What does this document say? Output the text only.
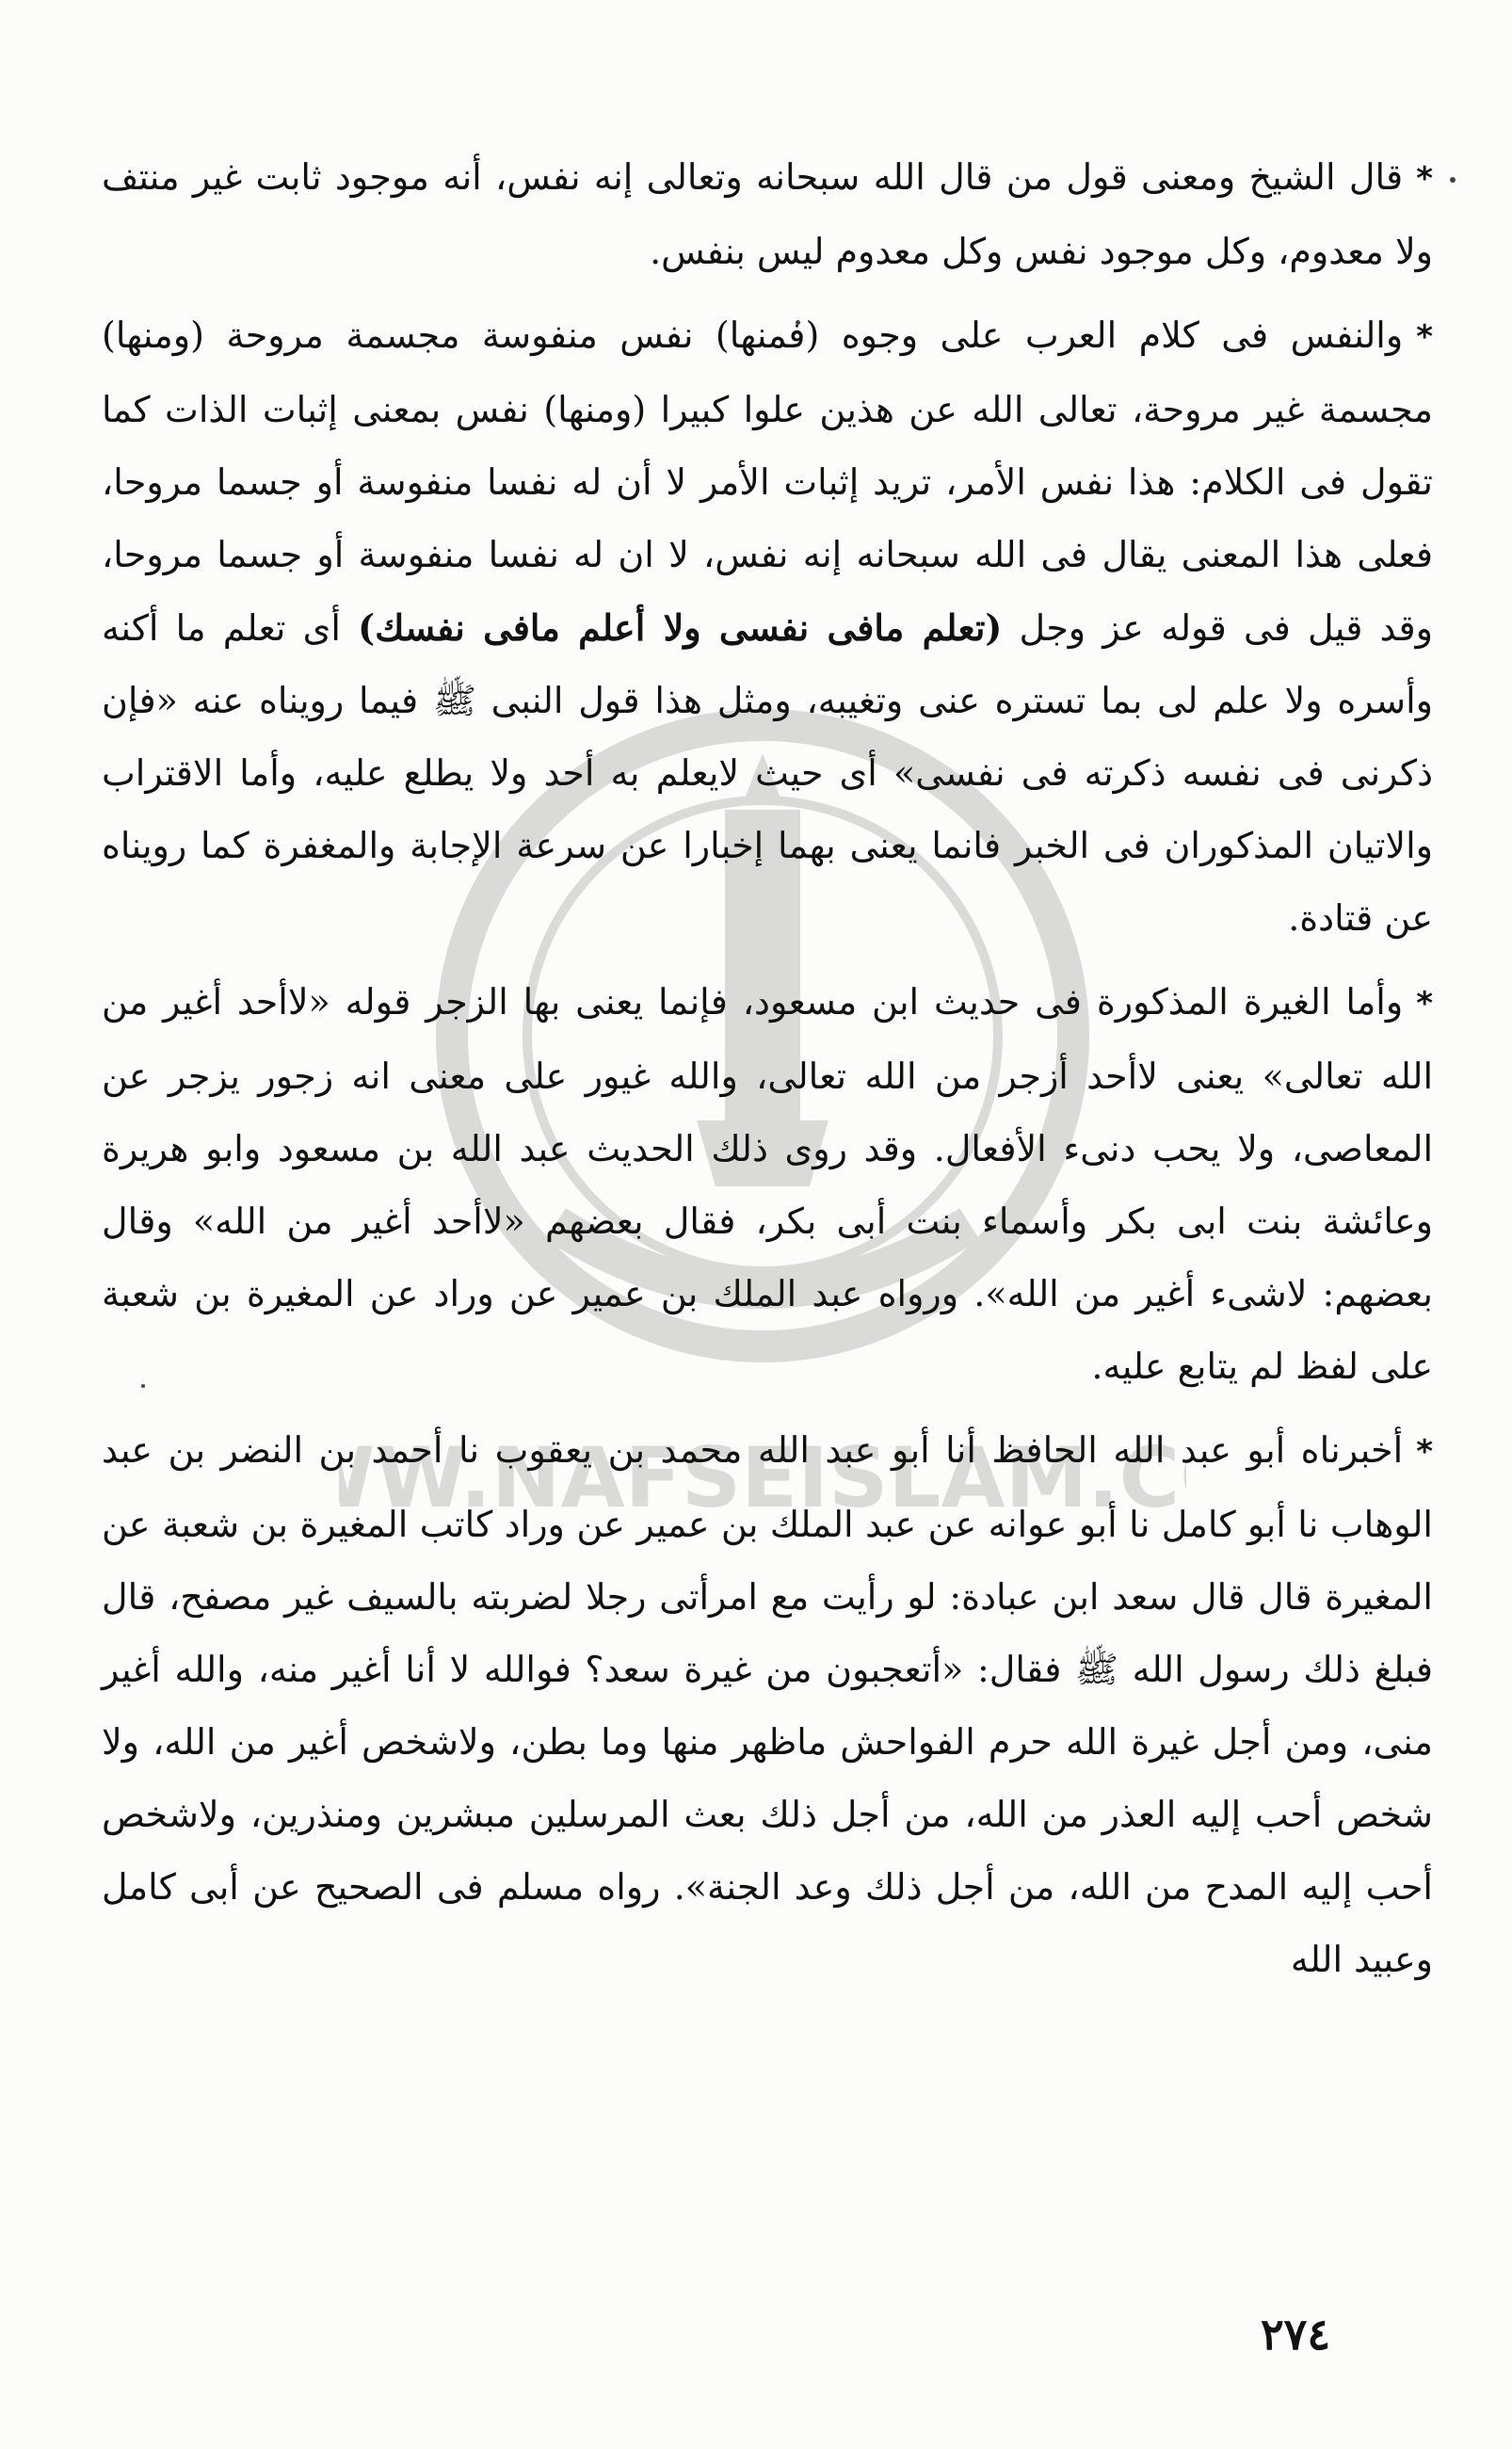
W.NAFSEISLAM.C

*قال الشيخ ومعنى قول من قال الله سبحانه وتعالى إنه نفس، أنه موجود ثابت غير منتف ولا معدوم، وكل موجود نفس وكل معدوم ليس بنفس.

*والنفس فى كلام العرب على وجوه (فمنها) نفس منفوسة مجسمة مروحة (ومنها) مجسمة غير مروحة، تعالى الله عن هذين علوا كبيرا (ومنها) نفس بمعنى إثبات الذات كما تقول فى الكلام: هذا نفس الأمر، تريد إثبات الأمر لا أن له نفسا منفوسة أو جسما مروحا، فعلى هذا المعنى يقال فى الله سبحانه إنه نفس، لا ان له نفسا منفوسة أو جسما مروحا، وقد قيل فى قوله عز وجل (تعلم مافى نفسى ولا أعلم مافى نفسك) أى تعلم ما أكنه وأسره ولا علم لى بما تستره عنى وتغيبه، ومثل هذا قول النبى ﷺ فيما رويناه عنه «فإن ذكرنى فى نفسه ذكرته فى نفسى» أى حيث لايعلم به أحد ولا يطلع عليه، وأما الاقتراب والاتيان المذكوران فى الخبر فانما يعنى بهما إخبارا عن سرعة الإجابة والمغفرة كما رويناه عن قتادة.

*وأما الغيرة المذكورة فى حديث ابن مسعود، فإنما يعنى بها الزجر قوله «لاأحد أغير من الله تعالى» يعنى لاأحد أزجر من الله تعالى، والله غيور على معنى انه زجور يزجر عن المعاصى، ولا يحب دنىء الأفعال. وقد روى ذلك الحديث عبد الله بن مسعود وابو هريرة وعائشة بنت ابى بكر وأسماء بنت أبى بكر، فقال بعضهم «لاأحد أغير من الله» وقال بعضهم: لاشىء أغير من الله». ورواه عبد الملك بن عمير عن وراد عن المغيرة بن شعبة على لفظ لم يتابع عليه.

*أخبرناه أبو عبد الله الحافظ أنا أبو عبد الله محمد بن يعقوب نا أحمد بن النضر بن عبد الوهاب نا أبو كامل نا أبو عوانه عن عبد الملك بن عمير عن وراد كاتب المغيرة بن شعبة عن المغيرة قال قال سعد ابن عبادة: لو رأيت مع امرأتى رجلا لضربته بالسيف غير مصفح، قال فبلغ ذلك رسول الله ﷺ فقال: «أتعجبون من غيرة سعد؟ فوالله لا أنا أغير منه، والله أغير منى، ومن أجل غيرة الله حرم الفواحش ماظهر منها وما بطن، ولاشخص أغير من الله، ولا شخص أحب إليه العذر من الله، من أجل ذلك بعث المرسلين مبشرين ومنذرين، ولاشخص أحب إليه المدح من الله، من أجل ذلك وعد الجنة». رواه مسلم فى الصحيح عن أبى كامل وعبيد الله

٢٧٤
